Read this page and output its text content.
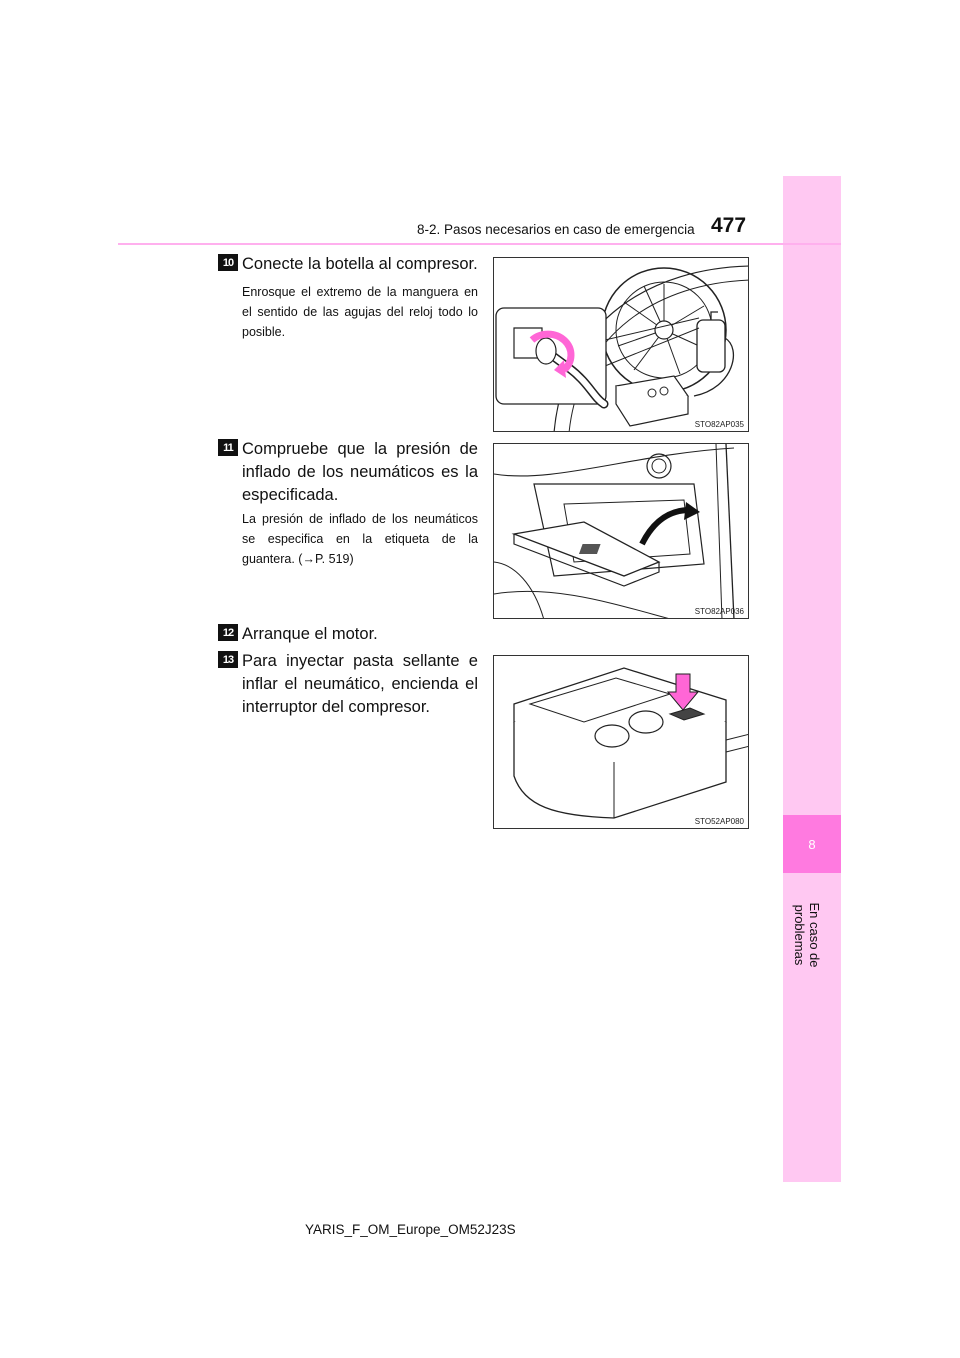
8
En caso de problemas
8-2. Pasos necesarios en caso de emergencia 477
10 Conecte la botella al compresor.
Enrosque el extremo de la manguera en el sentido de las agujas del reloj todo lo posible.
STO82AP035
11 Compruebe que la presión de inflado de los neumáticos es la especificada.
La presión de inflado de los neumáticos se especifica en la etiqueta de la guantera. (→P. 519)
STO82AP036
12 Arranque el motor.
13 Para inyectar pasta sellante e inflar el neumático, encienda el interruptor del compresor.
STO52AP080
YARIS_F_OM_Europe_OM52J23S
